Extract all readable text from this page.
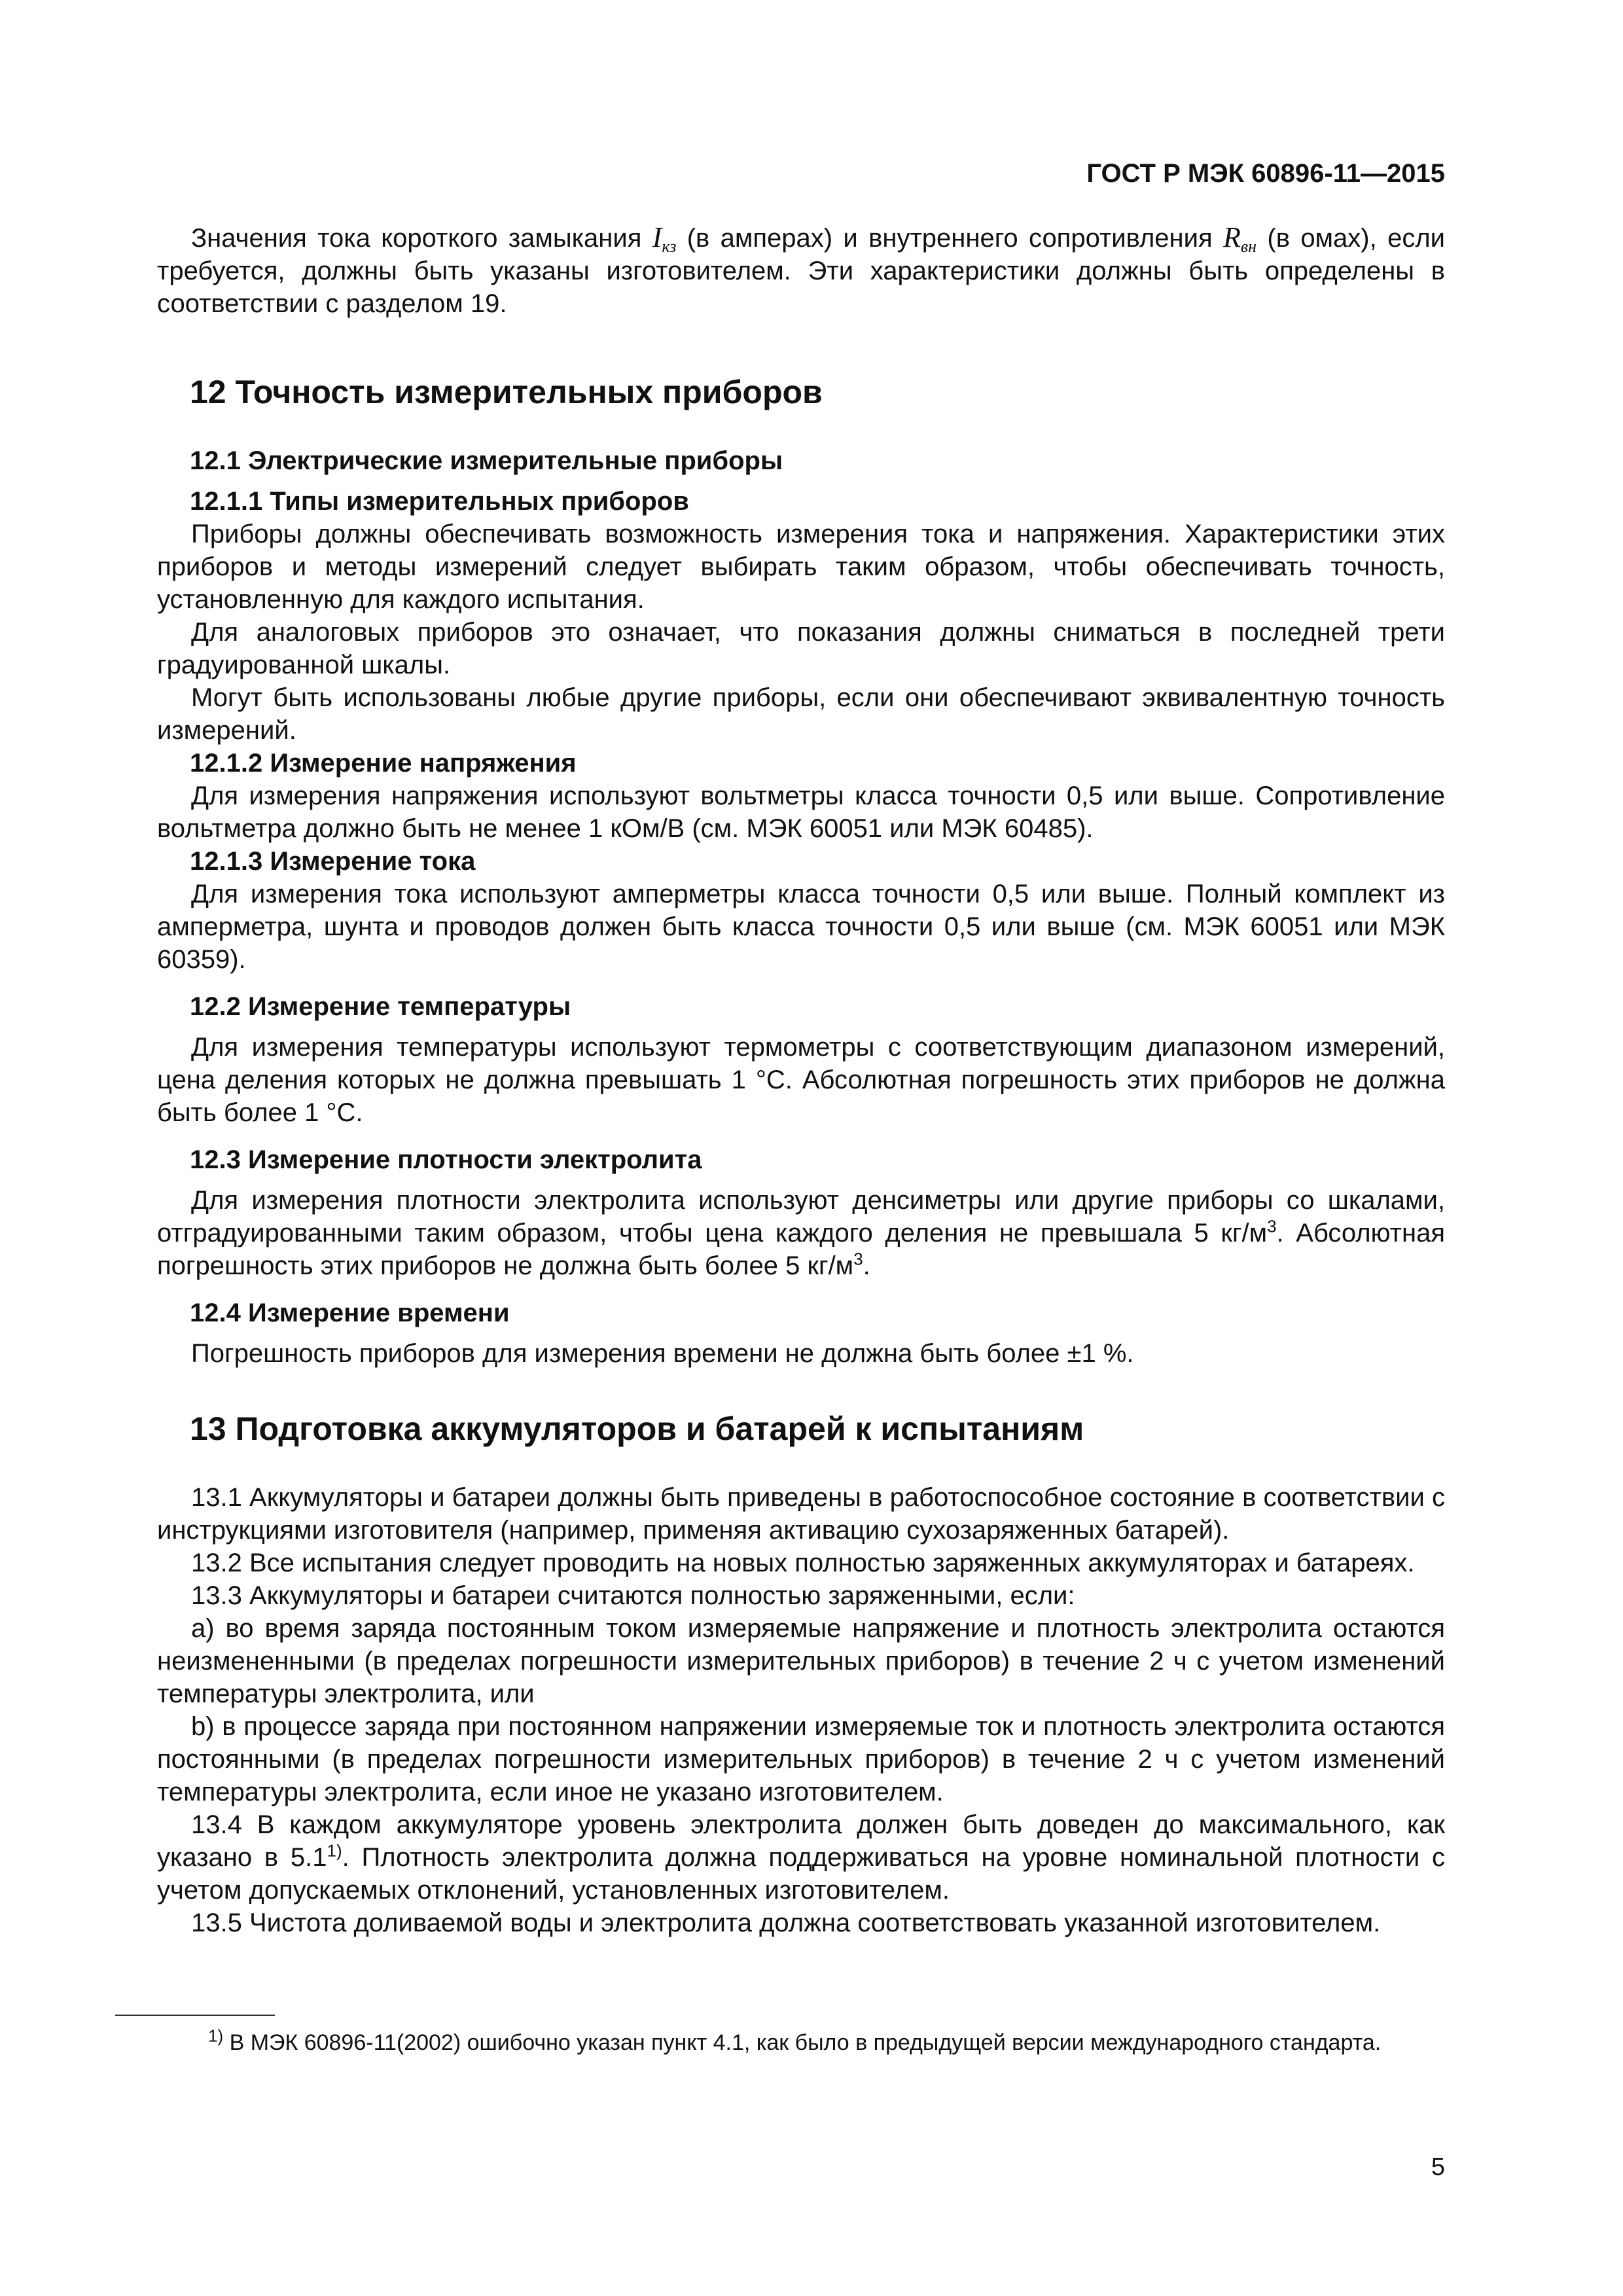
ГОСТ Р МЭК 60896-11—2015

Значения тока короткого замыкания $I_{кз}$ (в амперах) и внутреннего сопротивления $R_{вн}$ (в омах), если требуется, должны быть указаны изготовителем. Эти характеристики должны быть определены в соответствии с разделом 19.

12 Точность измерительных приборов
12.1 Электрические измерительные приборы
12.1.1 Типы измерительных приборов

Приборы должны обеспечивать возможность измерения тока и напряжения. Характеристики этих приборов и методы измерений следует выбирать таким образом, чтобы обеспечивать точность, установленную для каждого испытания.

Для аналоговых приборов это означает, что показания должны сниматься в последней трети градуированной шкалы.

Могут быть использованы любые другие приборы, если они обеспечивают эквивалентную точность измерений.

12.1.2 Измерение напряжения

Для измерения напряжения используют вольтметры класса точности 0,5 или выше. Сопротивление вольтметра должно быть не менее 1 кОм/В (см. МЭК 60051 или МЭК 60485).

12.1.3 Измерение тока

Для измерения тока используют амперметры класса точности 0,5 или выше. Полный комплект из амперметра, шунта и проводов должен быть класса точности 0,5 или выше (см. МЭК 60051 или МЭК 60359).

12.2 Измерение температуры

Для измерения температуры используют термометры с соответствующим диапазоном измерений, цена деления которых не должна превышать 1 °С. Абсолютная погрешность этих приборов не должна быть более 1 °С.

12.3 Измерение плотности электролита

Для измерения плотности электролита используют денсиметры или другие приборы со шкалами, отградуированными таким образом, чтобы цена каждого деления не превышала 5 $кг/м^3$. Абсолютная погрешность этих приборов не должна быть более 5 $кг/м^3$.

12.4 Измерение времени

Погрешность приборов для измерения времени не должна быть более ±1 %.

13 Подготовка аккумуляторов и батарей к испытаниям

13.1 Аккумуляторы и батареи должны быть приведены в работоспособное состояние в соответствии с инструкциями изготовителя (например, применяя активацию сухозаряженных батарей).

13.2 Все испытания следует проводить на новых полностью заряженных аккумуляторах и батареях.

13.3 Аккумуляторы и батареи считаются полностью заряженными, если:

a) во время заряда постоянным током измеряемые напряжение и плотность электролита остаются неизмененными (в пределах погрешности измерительных приборов) в течение 2 ч с учетом изменений температуры электролита, или

b) в процессе заряда при постоянном напряжении измеряемые ток и плотность электролита остаются постоянными (в пределах погрешности измерительных приборов) в течение 2 ч с учетом изменений температуры электролита, если иное не указано изготовителем.

13.4 В каждом аккумуляторе уровень электролита должен быть доведен до максимального, как указано в 5.1$^{1)}$. Плотность электролита должна поддерживаться на уровне номинальной плотности с учетом допускаемых отклонений, установленных изготовителем.

13.5 Чистота доливаемой воды и электролита должна соответствовать указанной изготовителем.

$^{1)}$ В МЭК 60896-11(2002) ошибочно указан пункт 4.1, как было в предыдущей версии международного стандарта.

5
